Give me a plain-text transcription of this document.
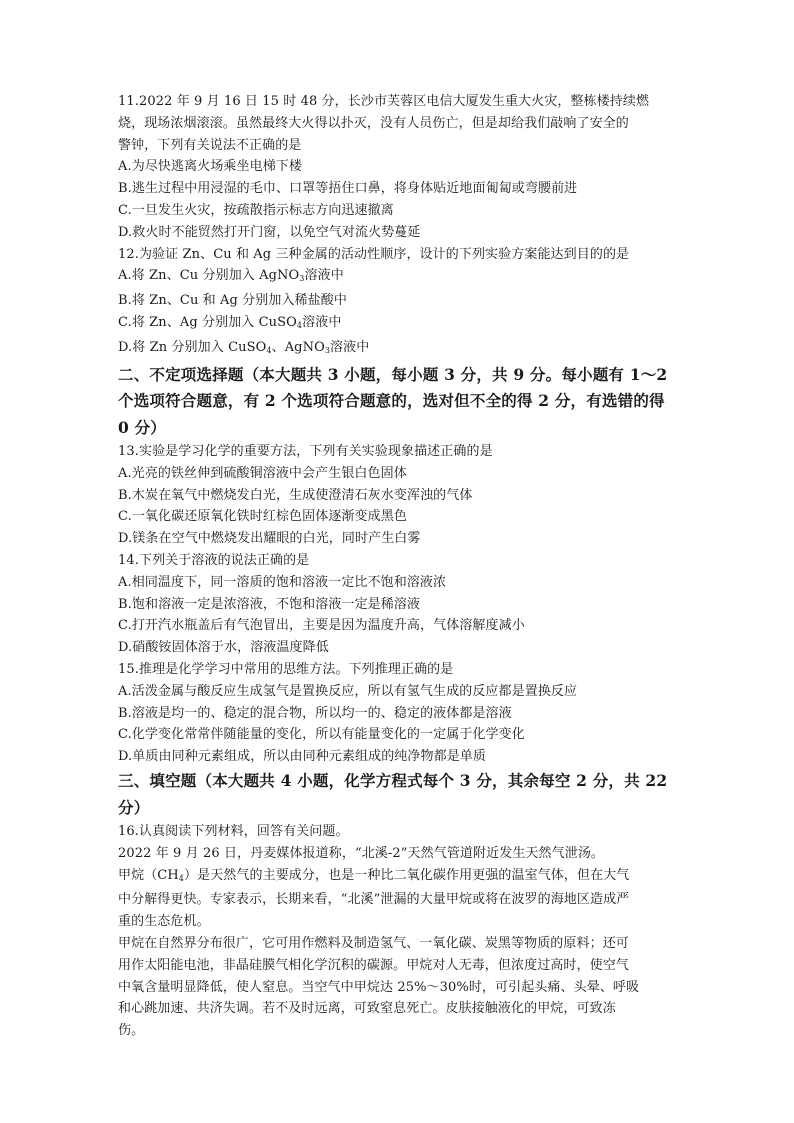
11.2022 年 9 月 16 日 15 时 48 分，长沙市芙蓉区电信大厦发生重大火灾，整栋楼持续燃
烧，现场浓烟滚滚。虽然最终大火得以扑灭，没有人员伤亡，但是却给我们敲响了安全的
警钟，下列有关说法不正确的是
A.为尽快逃离火场乘坐电梯下楼
B.逃生过程中用浸湿的毛巾、口罩等捂住口鼻，将身体贴近地面匍匐或弯腰前进
C.一旦发生火灾，按疏散指示标志方向迅速撤离
D.救火时不能贸然打开门窗，以免空气对流火势蔓延
12.为验证 Zn、Cu 和 Ag 三种金属的活动性顺序，设计的下列实验方案能达到目的的是
A.将 Zn、Cu 分别加入 AgNO$_3$溶液中
B.将 Zn、Cu 和 Ag 分别加入稀盐酸中
C.将 Zn、Ag 分别加入 CuSO$_4$溶液中
D.将 Zn 分别加入 CuSO$_4$、AgNO$_3$溶液中
二、不定项选择题（本大题共 3 小题，每小题 3 分，共 9 分。每小题有 1～2
个选项符合题意，有 2 个选项符合题意的，选对但不全的得 2 分，有选错的得
0 分）
13.实验是学习化学的重要方法，下列有关实验现象描述正确的是
A.光亮的铁丝伸到硫酸铜溶液中会产生银白色固体
B.木炭在氧气中燃烧发白光，生成使澄清石灰水变浑浊的气体
C.一氧化碳还原氧化铁时红棕色固体逐渐变成黑色
D.镁条在空气中燃烧发出耀眼的白光，同时产生白雾
14.下列关于溶液的说法正确的是
A.相同温度下，同一溶质的饱和溶液一定比不饱和溶液浓
B.饱和溶液一定是浓溶液，不饱和溶液一定是稀溶液
C.打开汽水瓶盖后有气泡冒出，主要是因为温度升高，气体溶解度减小
D.硝酸铵固体溶于水，溶液温度降低
15.推理是化学学习中常用的思维方法。下列推理正确的是
A.活泼金属与酸反应生成氢气是置换反应，所以有氢气生成的反应都是置换反应
B.溶液是均一的、稳定的混合物，所以均一的、稳定的液体都是溶液
C.化学变化常常伴随能量的变化，所以有能量变化的一定属于化学变化
D.单质由同种元素组成，所以由同种元素组成的纯净物都是单质
三、填空题（本大题共 4 小题，化学方程式每个 3 分，其余每空 2 分，共 22
分）
16.认真阅读下列材料，回答有关问题。
2022 年 9 月 26 日，丹麦媒体报道称，“北溪-2”天然气管道附近发生天然气泄汤。
甲烷$(CH_4)$是天然气的主要成分，也是一种比二氧化碳作用更强的温室气体，但在大气
中分解得更快。专家表示，长期来看，“北溪”泄漏的大量甲烷或将在波罗的海地区造成严
重的生态危机。
甲烷在自然界分布很广，它可用作燃料及制造氢气、一氧化碳、炭黑等物质的原料；还可
用作太阳能电池，非晶硅膜气相化学沉积的碳源。甲烷对人无毒，但浓度过高时，使空气
中氧含量明显降低，使人窒息。当空气中甲烷达 25%～30%时，可引起头痛、头晕、呼吸
和心跳加速、共济失调。若不及时远离，可致窒息死亡。皮肤接触液化的甲烷，可致冻
伤。
